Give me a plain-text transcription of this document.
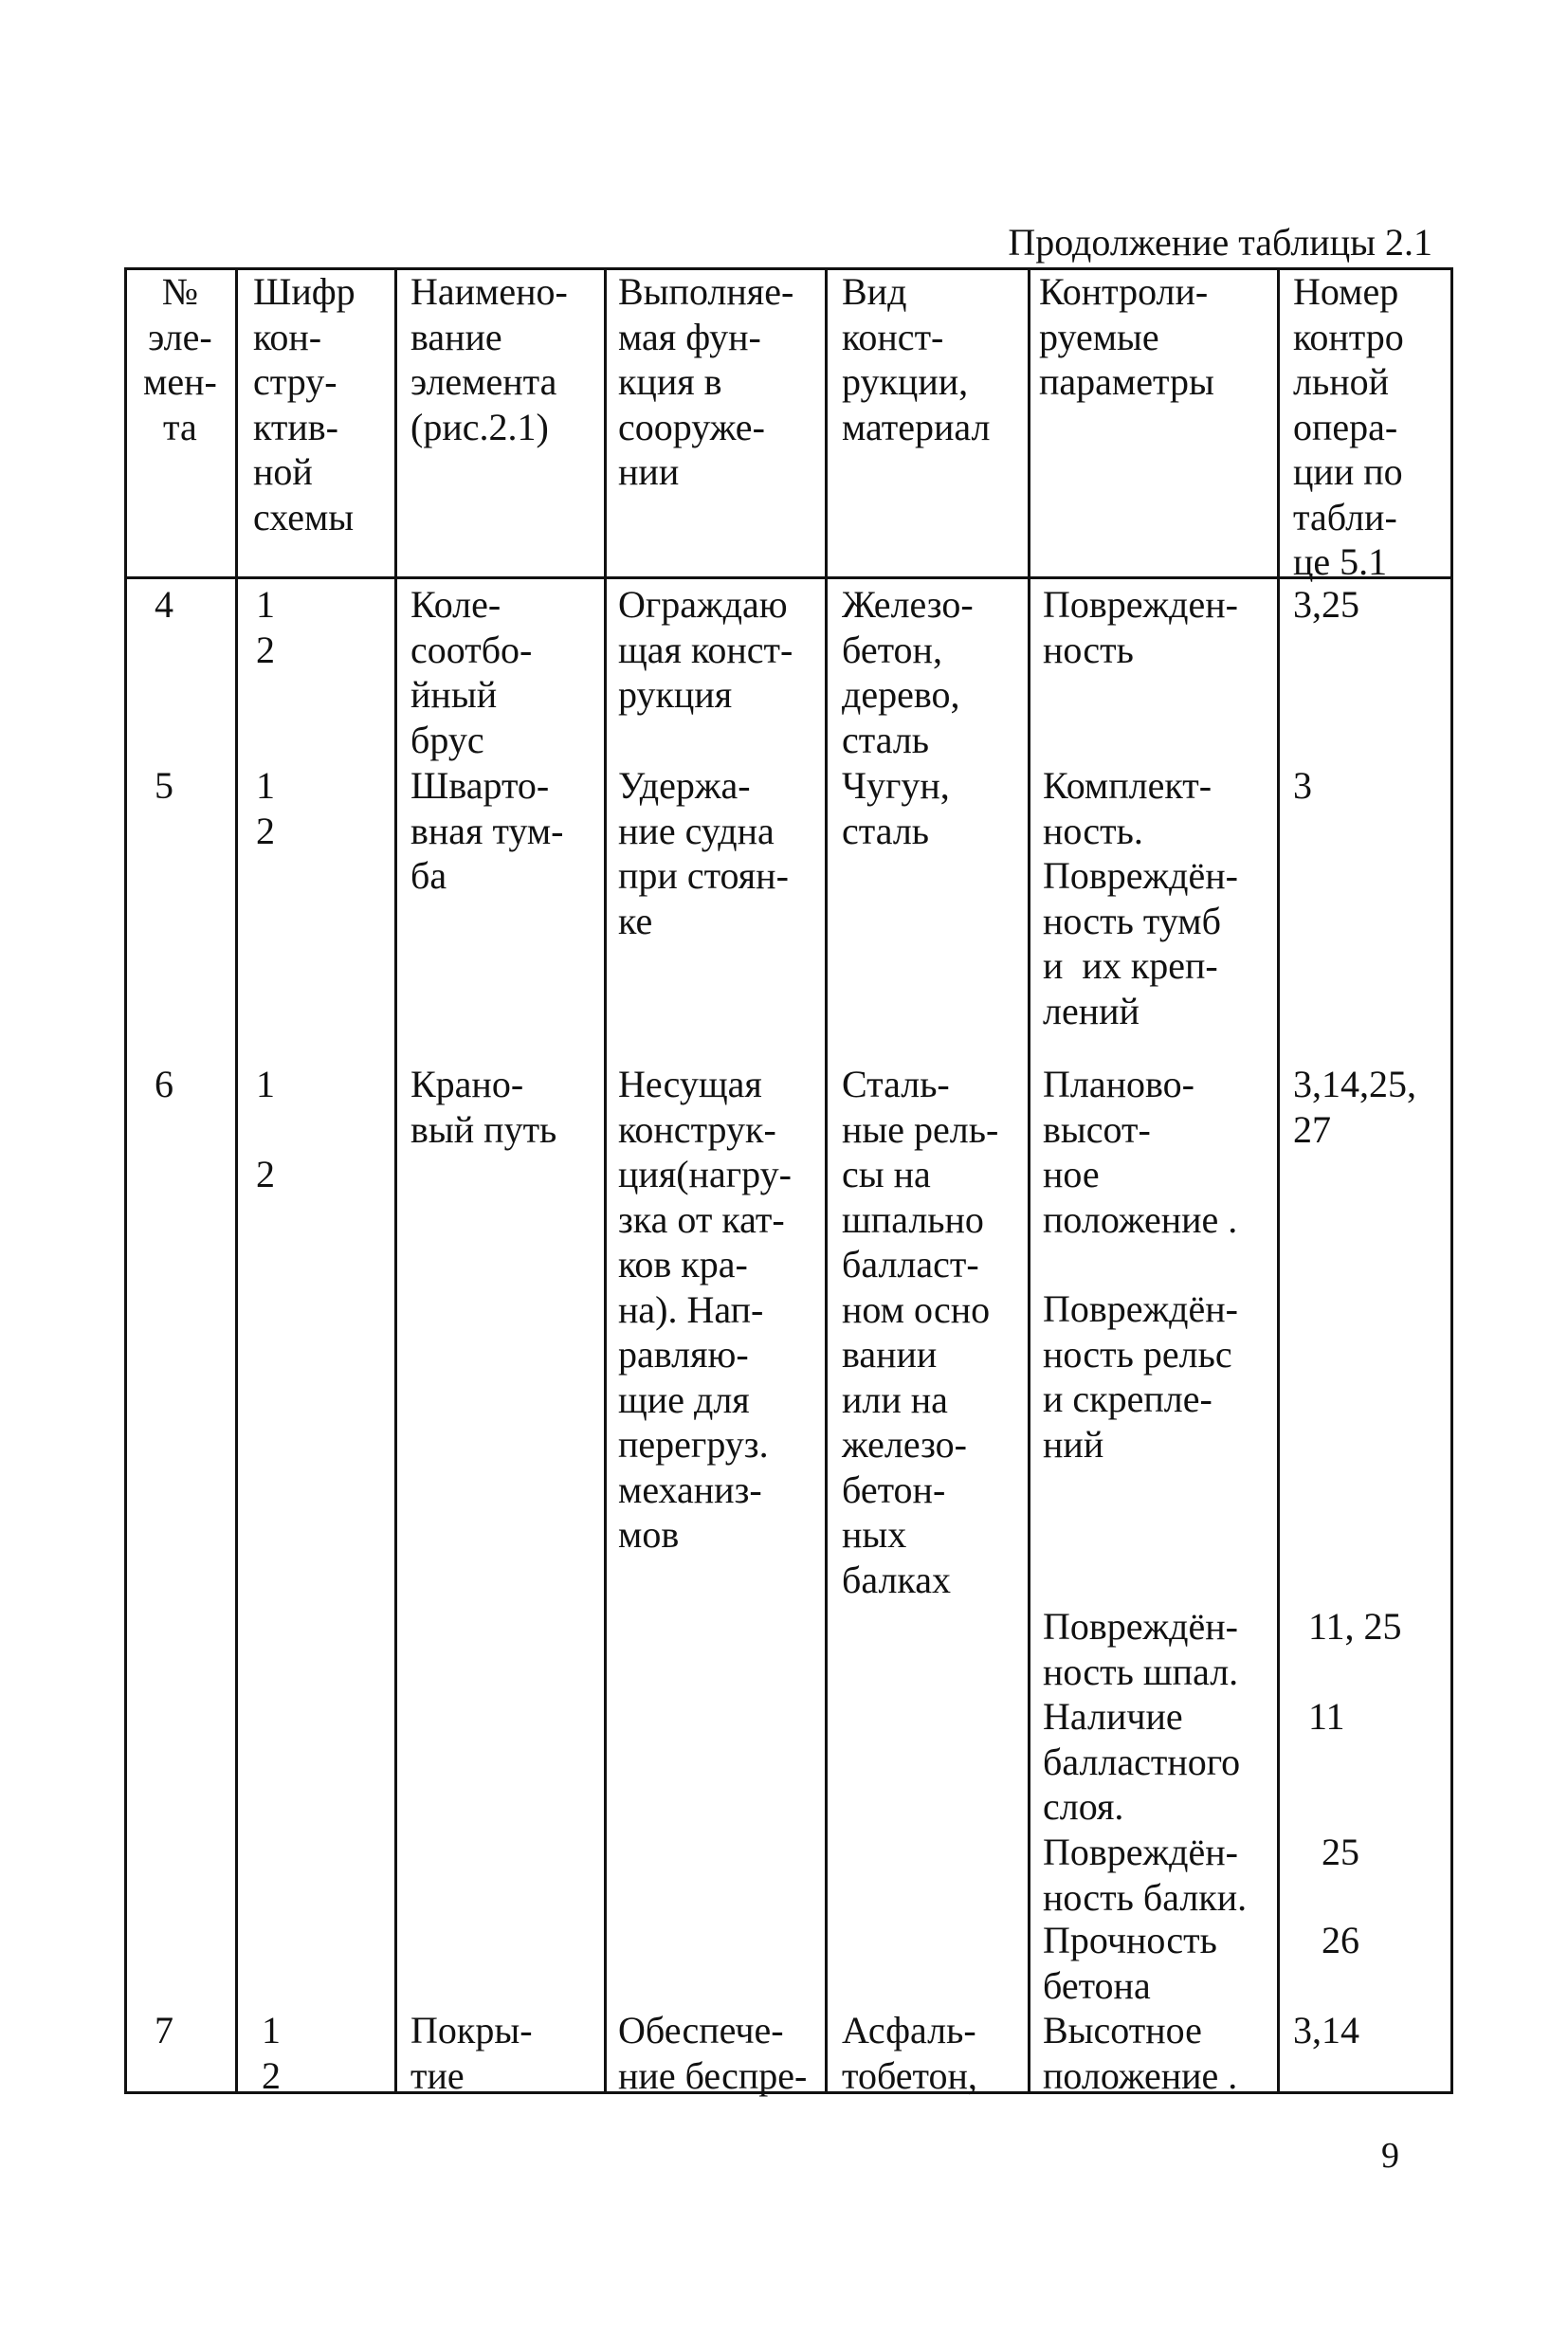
Продолжение таблицы 2.1
№
эле-
мен-
та
Шифр
кон-
стру-
ктив-
ной
схемы
Наимено-
вание
элемента
(рис.2.1)
Выполняе-
мая фун-
кция в
сооруже-
нии
Вид
конст-
рукции,
материал
Контроли-
руемые
параметры
Номер
контро
льной
опера-
ции по
табли-
це 5.1
4 1
2
Коле-
соотбо-
йный
брус
Ограждаю
щая конст-
рукция
Железо-
бетон,
дерево,
сталь
Поврежден-
ность
3,25
5 1
2
Шварто-
вная тум-
ба
Удержа-
ние судна
при стоян-
ке
Чугун,
сталь
Комплект-
ность.
Повреждён-
ность тумб
и  их креп-
лений
3
6 1
2
Крано-
вый путь
Несущая
конструк-
ция(нагру-
зка от кат-
ков кра-
на). Нап-
равляю-
щие для
перегруз.
механиз-
мов
Сталь-
ные рель-
сы на
шпально
балласт-
ном осно
вании
или на
железо-
бетон-
ных
балках
Планово-
высот-
ное
положение .
Повреждён-
ность рельс
и скрепле-
ний
3,14,25,
27
Повреждён-
ность шпал.
11, 25
Наличие
балластного
слоя.
11
Повреждён-
ность балки.
25
Прочность
бетона
26
7 1
2
Покры-
тие
Обеспече-
ние беспре-
Асфаль-
тобетон,
Высотное
положение .
3,14
9
